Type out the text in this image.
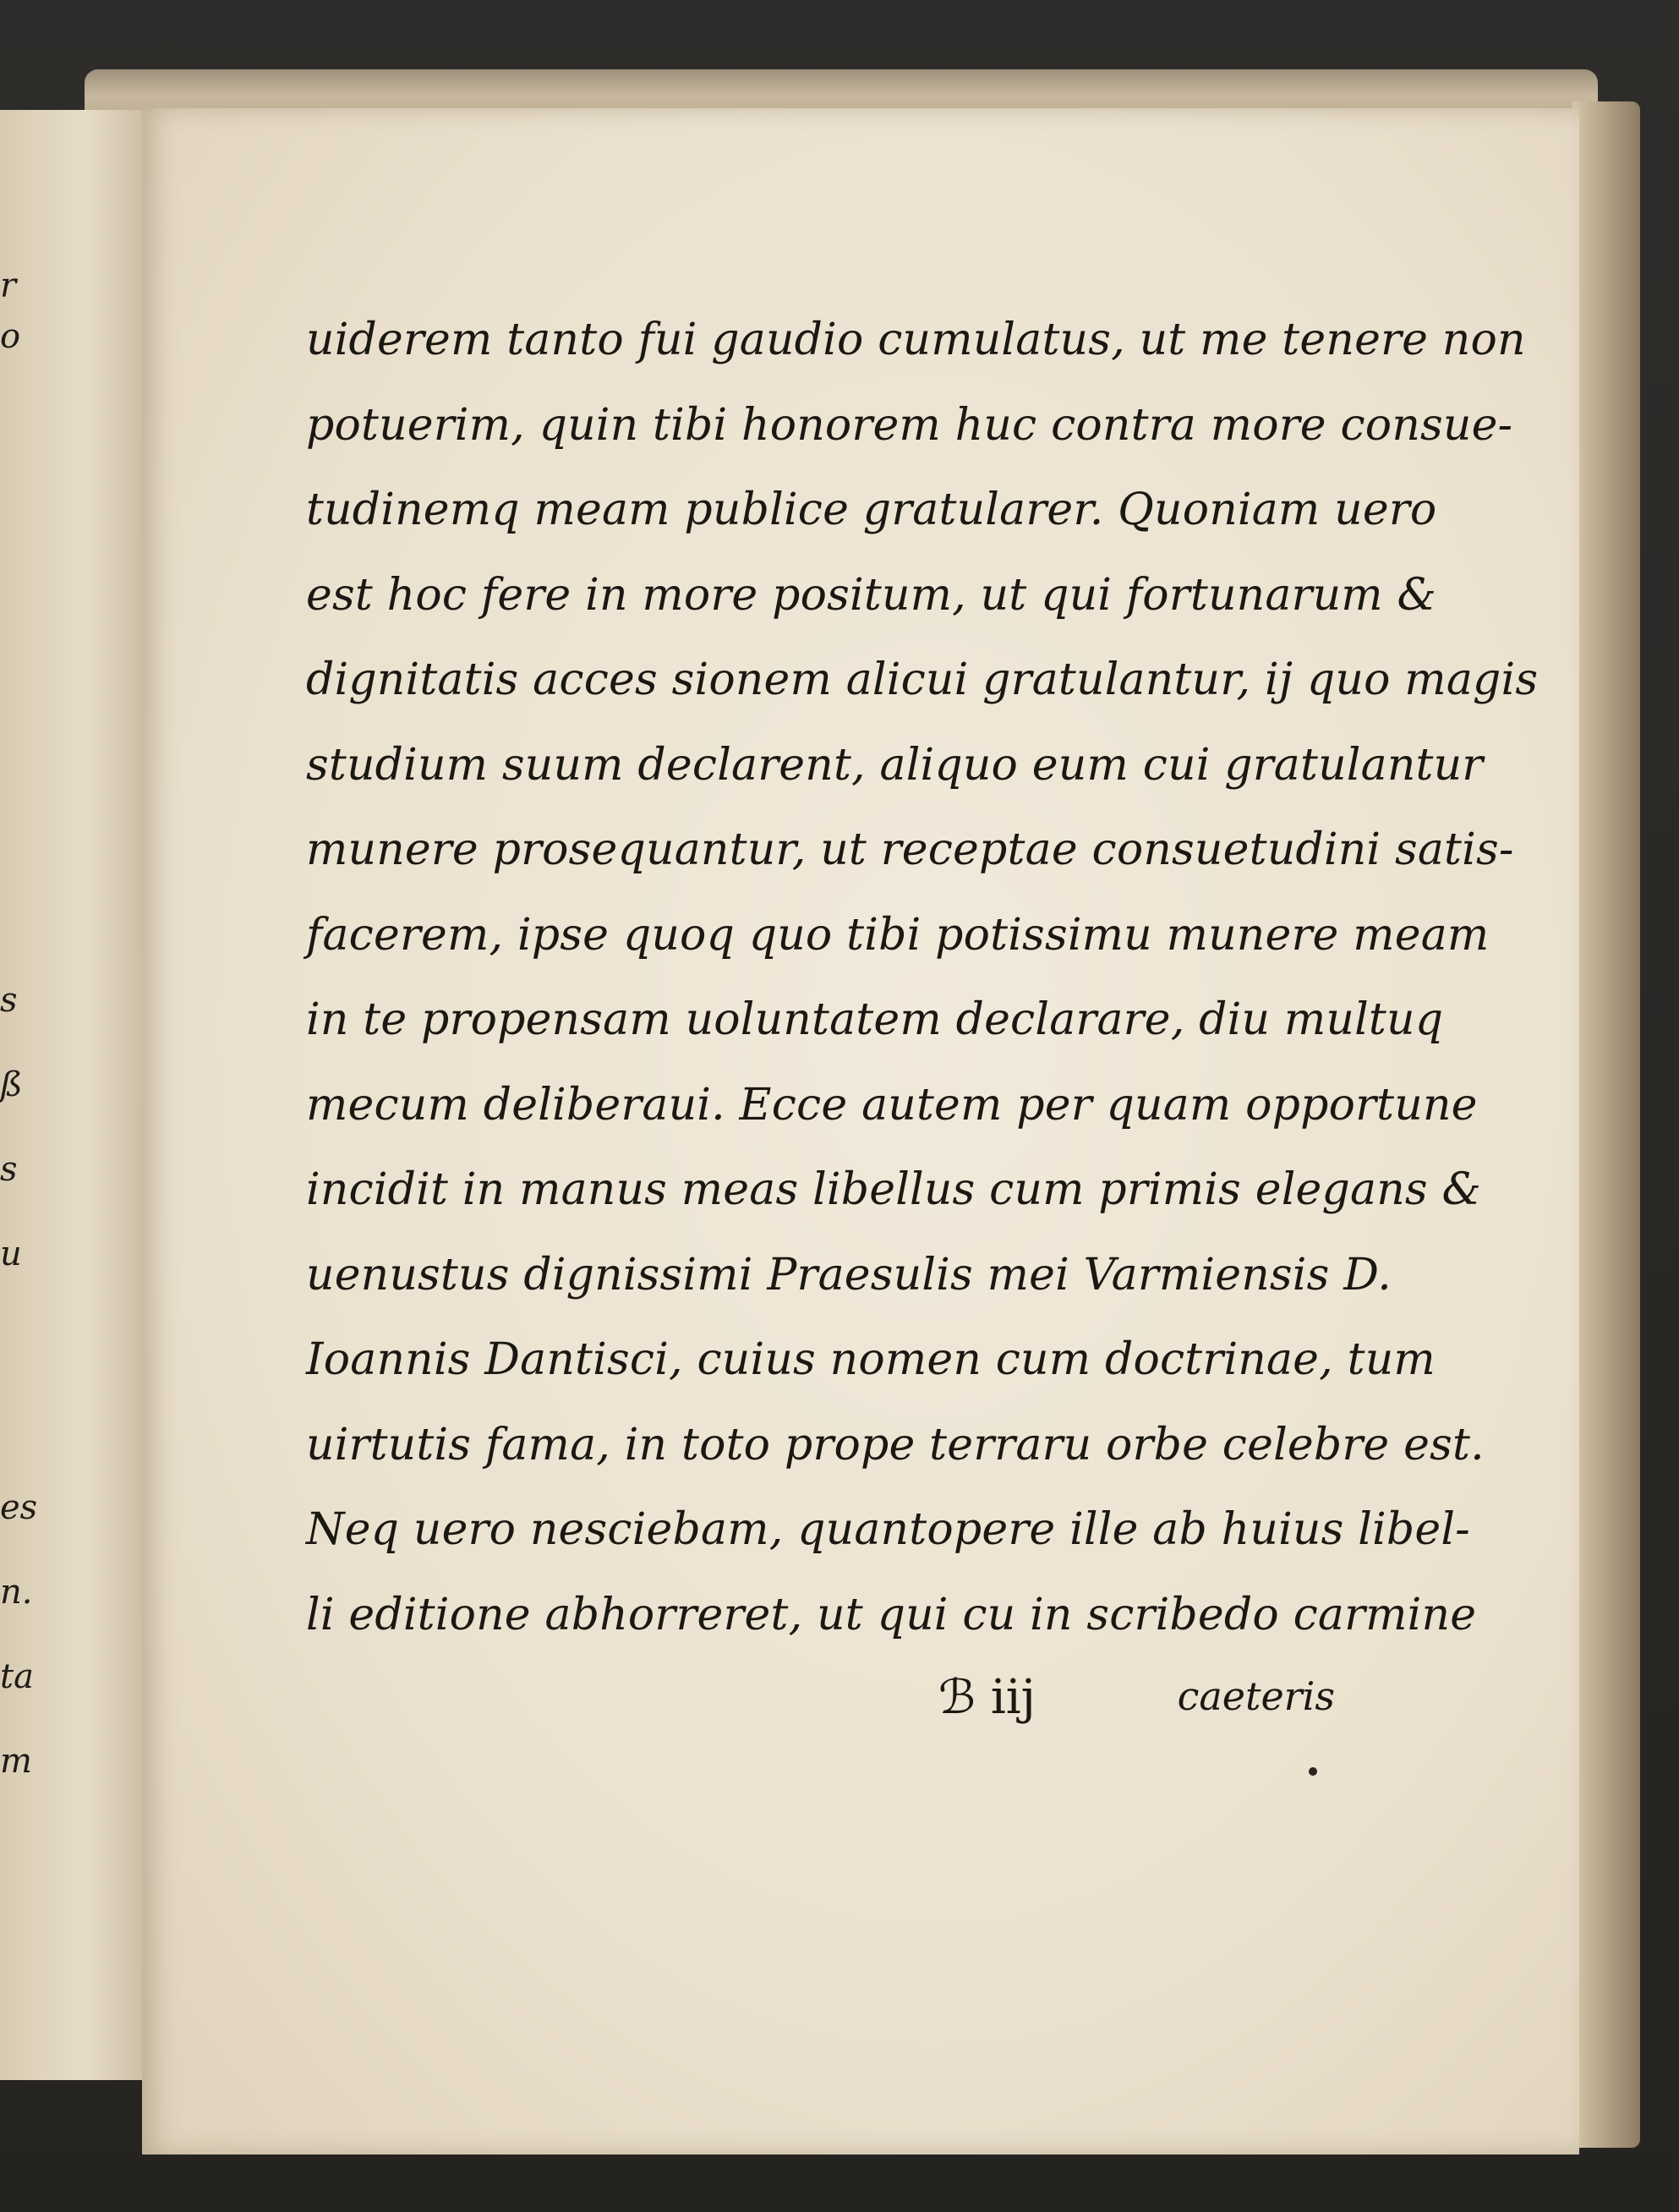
r
o
s
ß
s
u
es
n.
ta
m
uiderem tanto fui gaudio cumulatus, ut me tenere non
potuerim, quin tibi honorem huc contra more consue-
tudinemq meam publice gratularer. Quoniam uero
est hoc fere in more positum, ut qui fortunarum &
dignitatis acces sionem alicui gratulantur, ij quo magis
studium suum declarent, aliquo eum cui gratulantur
munere prosequantur, ut receptae consuetudini satis-
facerem, ipse quoq quo tibi potissimu munere meam
in te propensam uoluntatem declarare, diu multuq
mecum deliberaui. Ecce autem per quam opportune
incidit in manus meas libellus cum primis elegans &
uenustus dignissimi Praesulis mei Varmiensis D.
Ioannis Dantisci, cuius nomen cum doctrinae, tum
uirtutis fama, in toto prope terraru orbe celebre est.
Neq uero nesciebam, quantopere ille ab huius libel-
li editione abhorreret, ut qui cu in scribedo carmine
ℬ iij	caeteris
